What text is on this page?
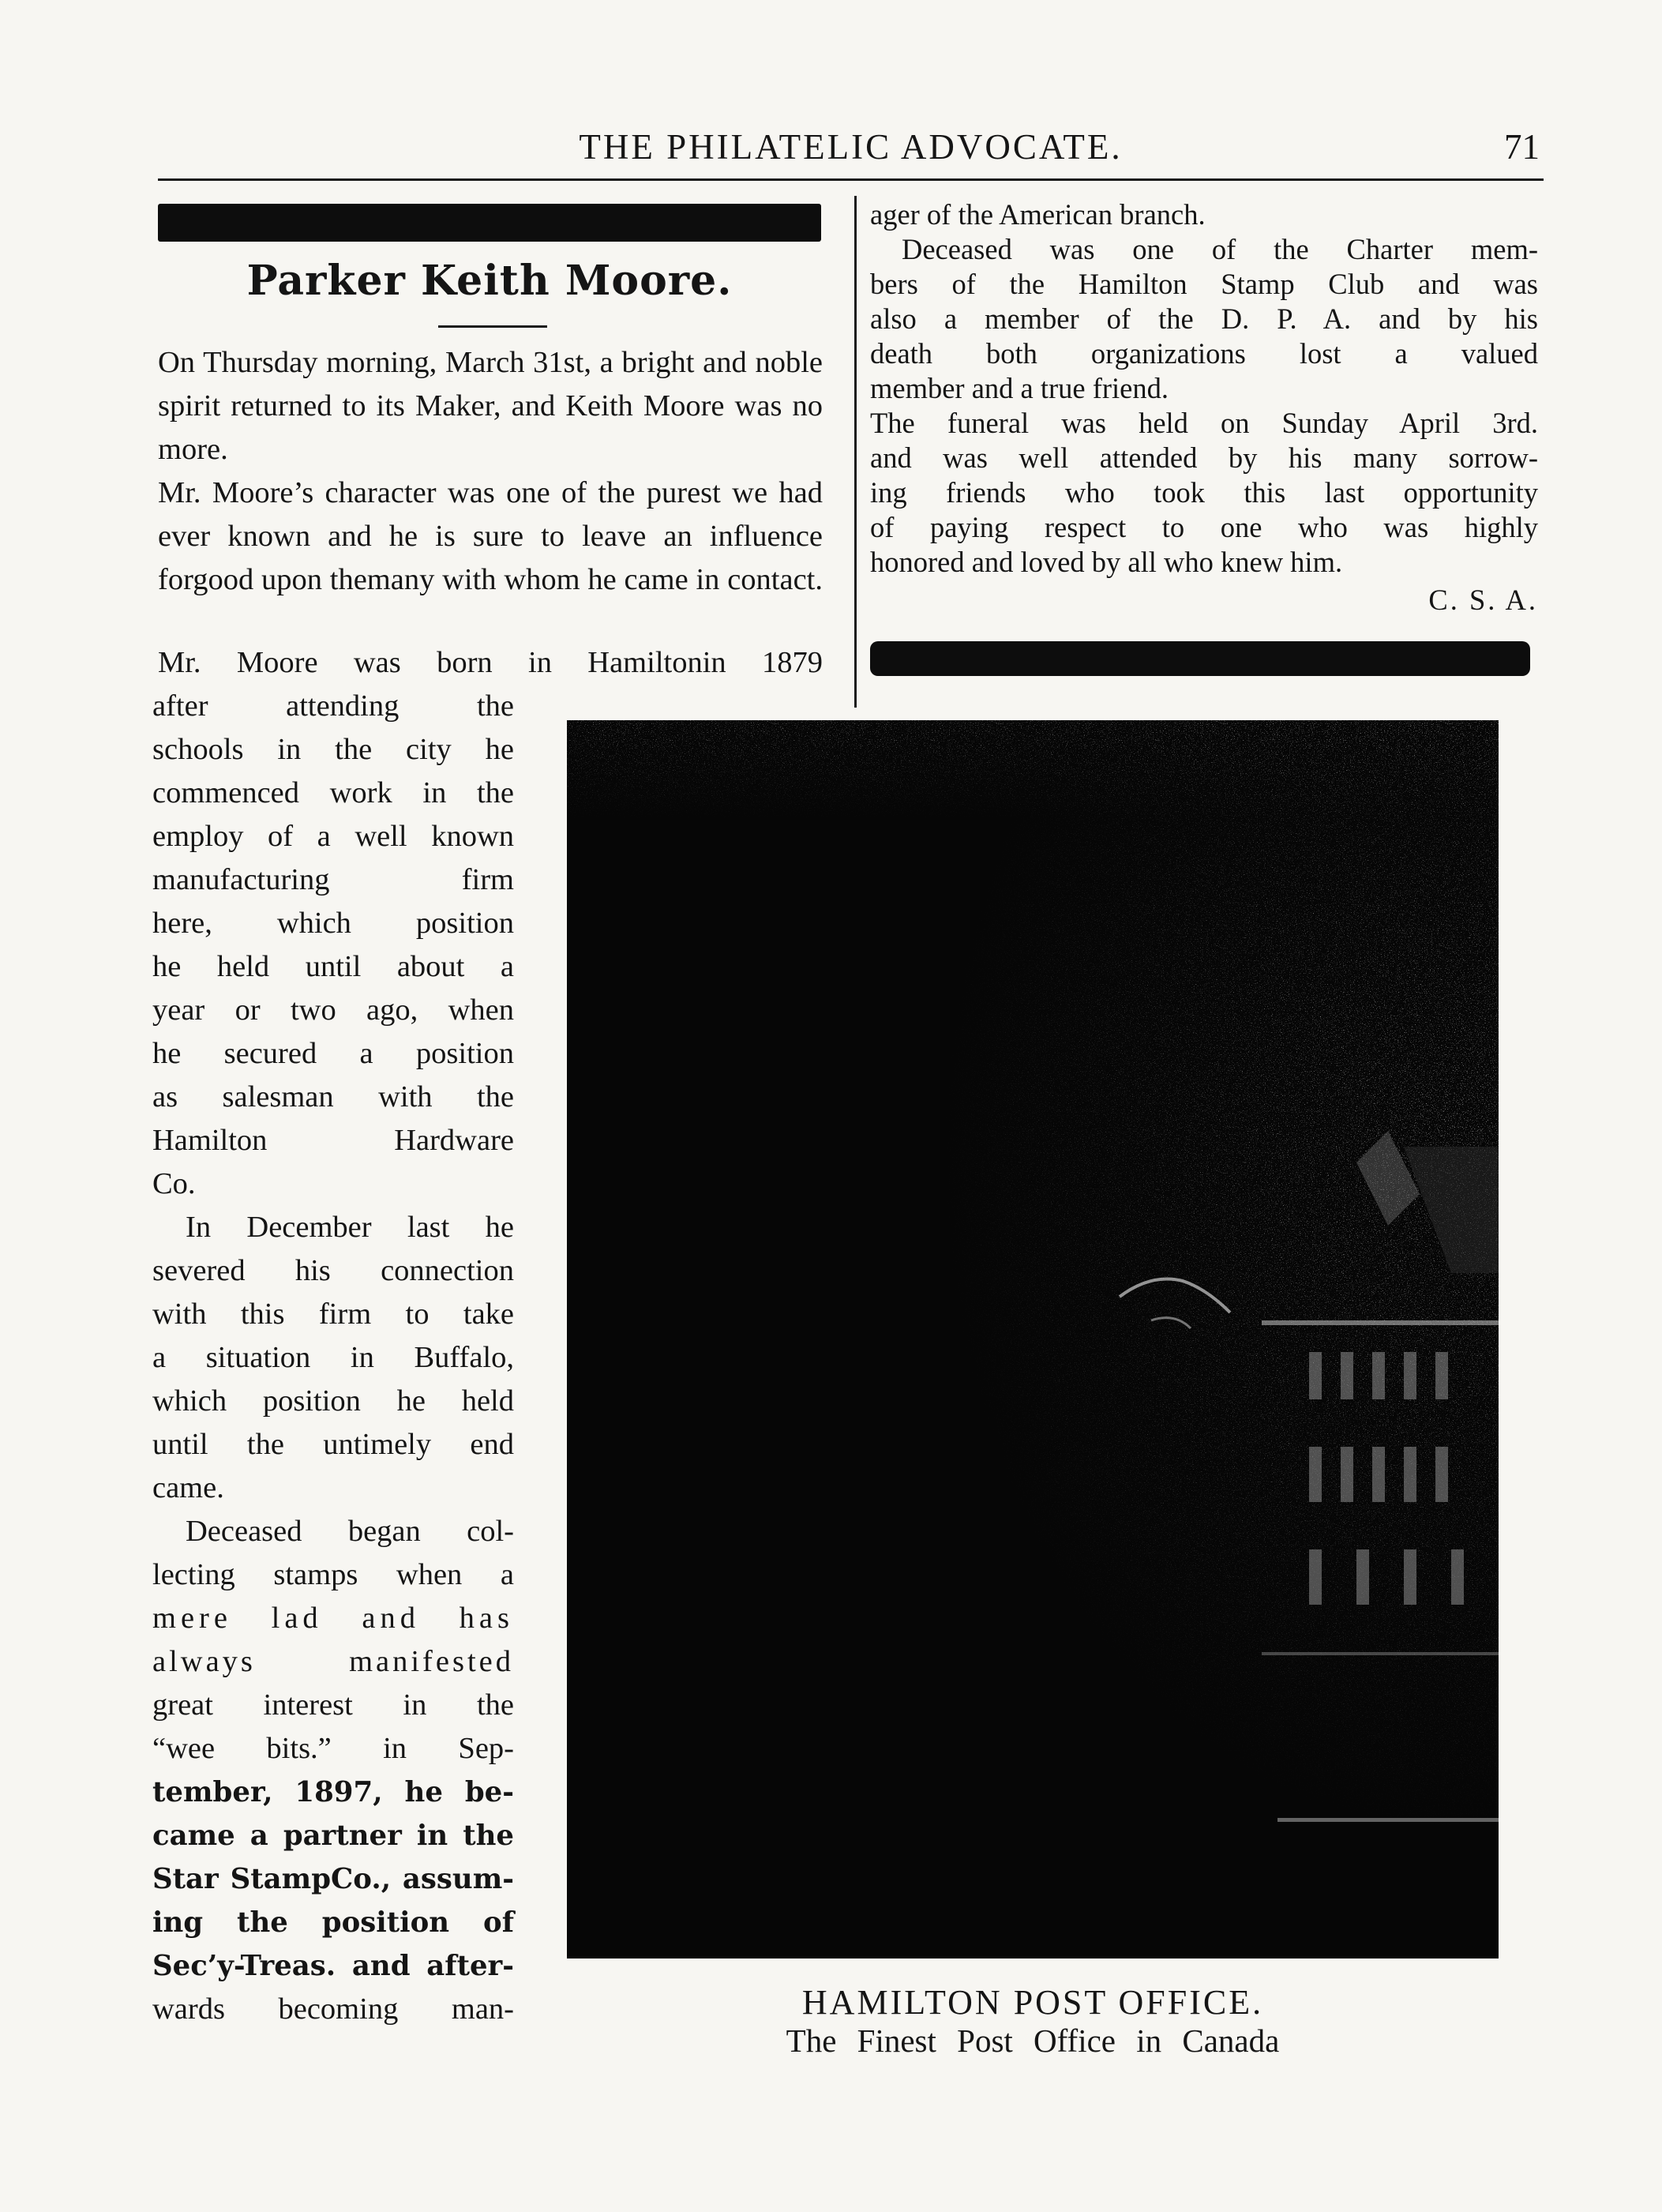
THE PHILATELIC ADVOCATE.	71
Parker Keith Moore.

On Thursday morning, March 31st, a bright and noble spirit returned to its Maker, and Keith Moore was no more.

Mr. Moore’s character was one of the purest we had ever known and he is sure to leave an influence forgood upon themany with whom he came in contact.

Mr. Moore was born in Hamiltonin 1879

after attending the
schools in the city he
commenced work in the
employ of a well known
manufacturing firm
here, which position
he held until about a
year or two ago, when
he secured a position
as salesman with the
Hamilton Hardware
Co.
In December last he
severed his connection
with this firm to take
a situation in Buffalo,
which position he held
until the untimely end
came.
Deceased began col-
lecting stamps when a
mere lad and has
always manifested
great interest in the
“wee bits.” in Sep-
tember, 1897, he be-
came a partner in the
Star StampCo., assum-
ing the position of
Sec’y-Treas. and after-
wards becoming man-
ager of the American branch.
Deceased was one of the Charter mem-
bers of the Hamilton Stamp Club and was
also a member of the D. P. A. and by his
death both organizations lost a valued
member and a true friend.
The funeral was held on Sunday April 3rd.
and was well attended by his many sorrow-
ing friends who took this last opportunity
of paying respect to one who was highly
honored and loved by all who knew him.
C. S. A.
HAMILTON POST OFFICE.
The Finest Post Office in Canada
